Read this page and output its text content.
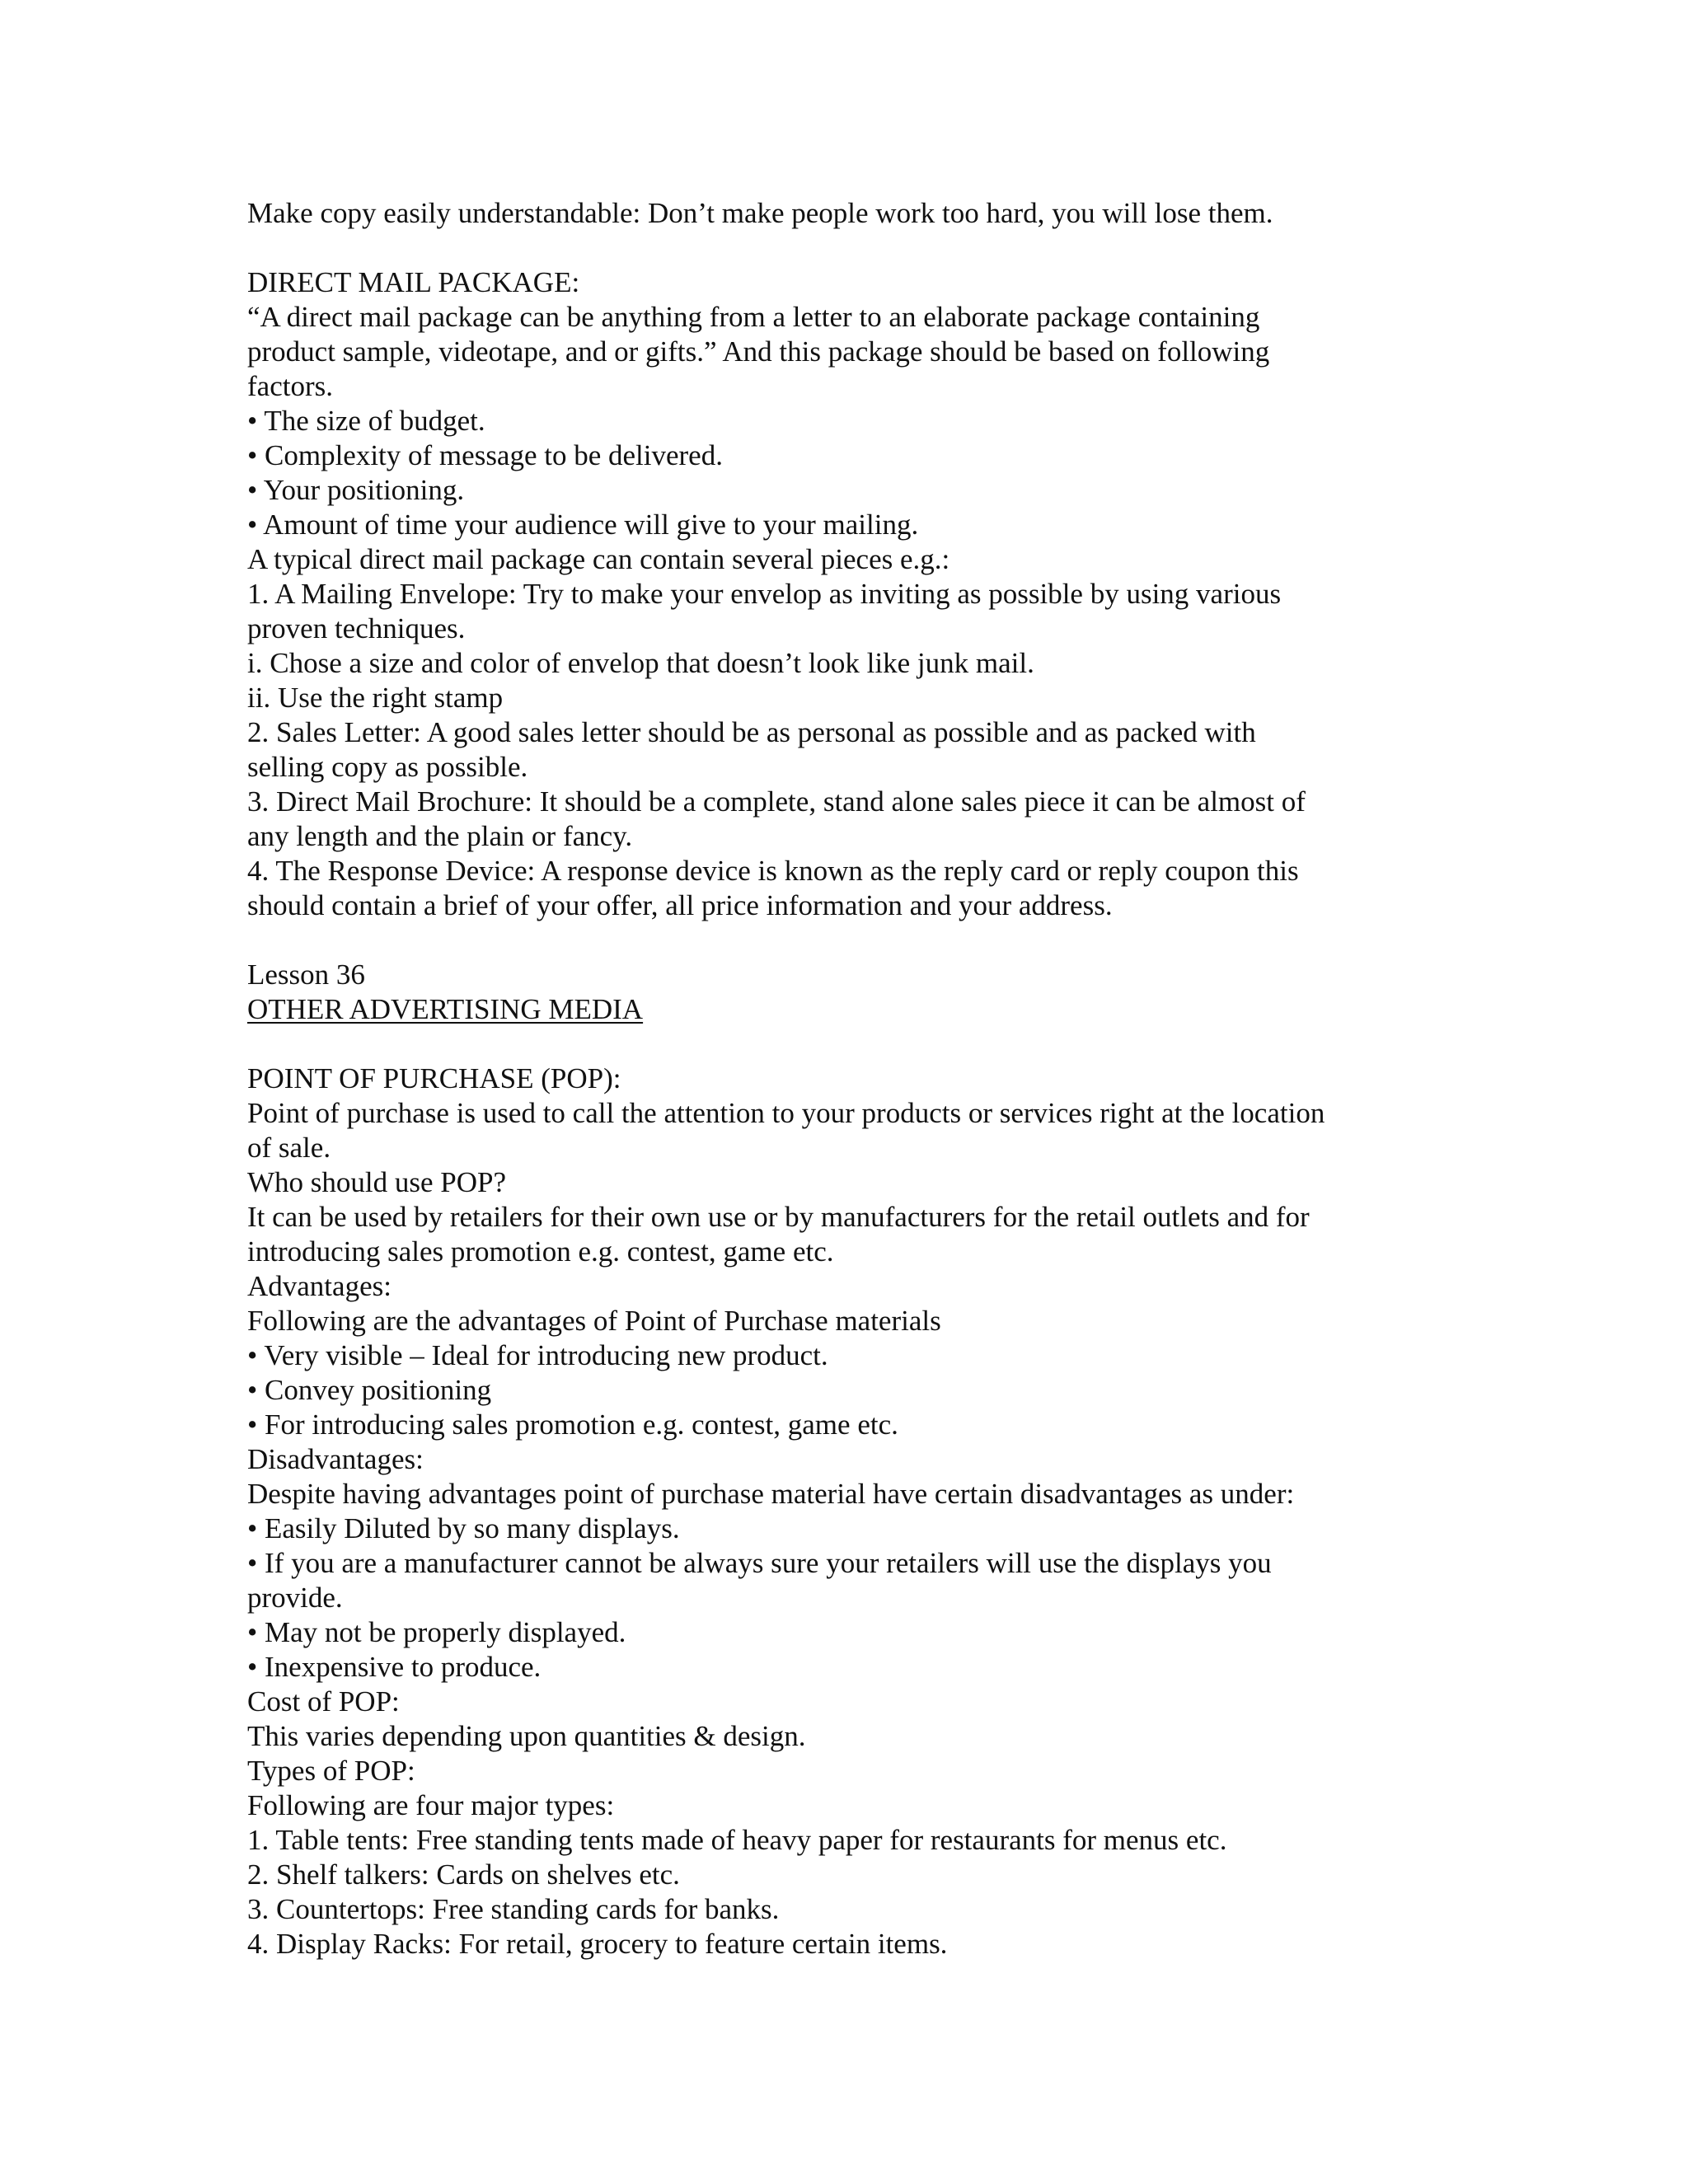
Make copy easily understandable: Don’t make people work too hard, you will lose them.
DIRECT MAIL PACKAGE:
“A direct mail package can be anything from a letter to an elaborate package containing
product sample, videotape, and or gifts.” And this package should be based on following
factors.
• The size of budget.
• Complexity of message to be delivered.
• Your positioning.
• Amount of time your audience will give to your mailing.
A typical direct mail package can contain several pieces e.g.:
1. A Mailing Envelope: Try to make your envelop as inviting as possible by using various
proven techniques.
i. Chose a size and color of envelop that doesn’t look like junk mail.
ii. Use the right stamp
2. Sales Letter: A good sales letter should be as personal as possible and as packed with
selling copy as possible.
3. Direct Mail Brochure: It should be a complete, stand alone sales piece it can be almost of
any length and the plain or fancy.
4. The Response Device: A response device is known as the reply card or reply coupon this
should contain a brief of your offer, all price information and your address.
Lesson 36
OTHER ADVERTISING MEDIA
POINT OF PURCHASE (POP):
Point of purchase is used to call the attention to your products or services right at the location
of sale.
Who should use POP?
It can be used by retailers for their own use or by manufacturers for the retail outlets and for
introducing sales promotion e.g. contest, game etc.
Advantages:
Following are the advantages of Point of Purchase materials
• Very visible – Ideal for introducing new product.
• Convey positioning
• For introducing sales promotion e.g. contest, game etc.
Disadvantages:
Despite having advantages point of purchase material have certain disadvantages as under:
• Easily Diluted by so many displays.
• If you are a manufacturer cannot be always sure your retailers will use the displays you
provide.
• May not be properly displayed.
• Inexpensive to produce.
Cost of POP:
This varies depending upon quantities & design.
Types of POP:
Following are four major types:
1. Table tents: Free standing tents made of heavy paper for restaurants for menus etc.
2. Shelf talkers: Cards on shelves etc.
3. Countertops: Free standing cards for banks.
4. Display Racks: For retail, grocery to feature certain items.
